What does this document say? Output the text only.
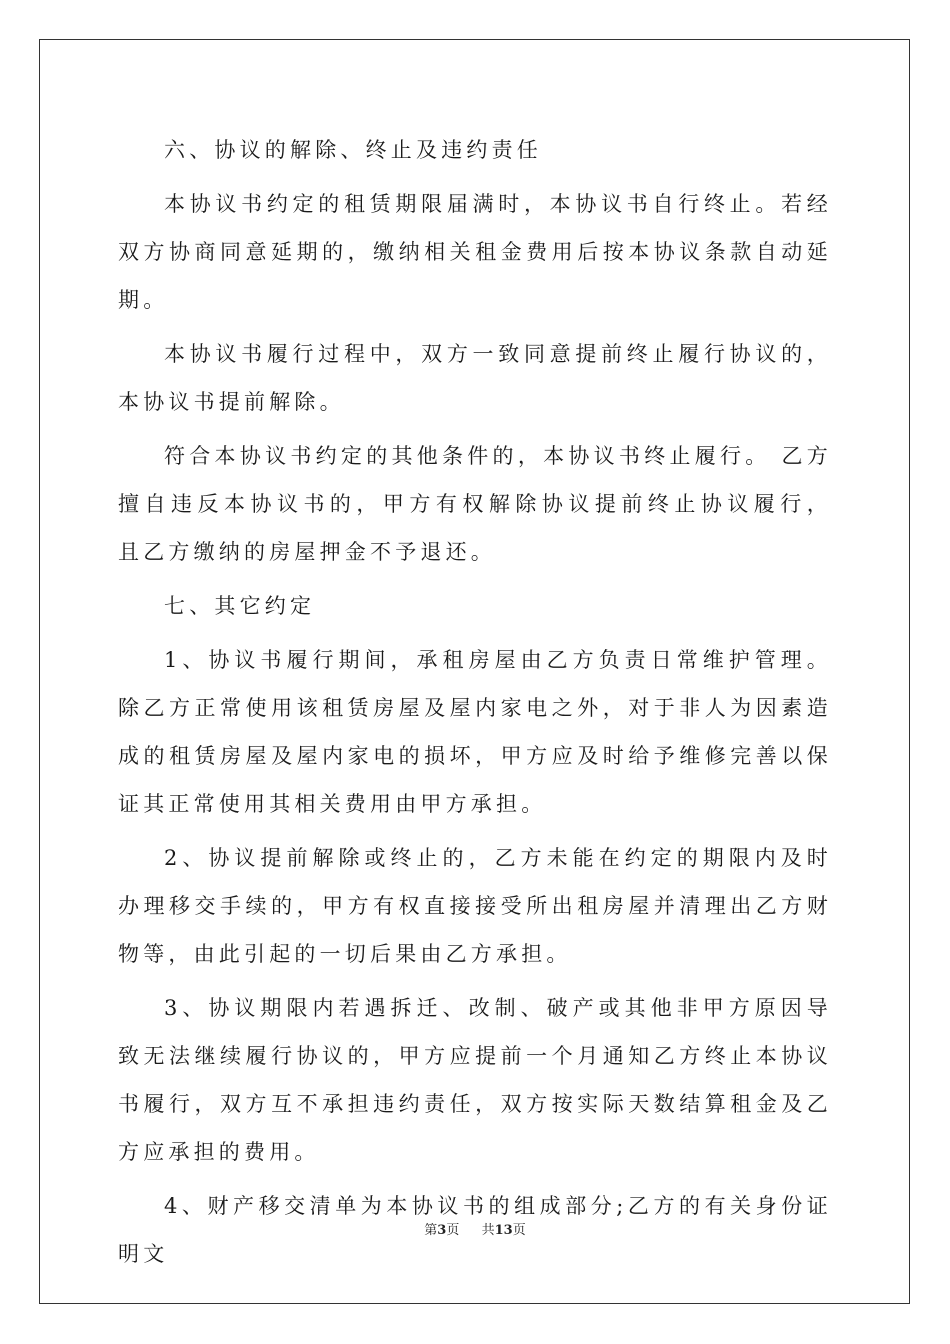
六、协议的解除、终止及违约责任

本协议书约定的租赁期限届满时，本协议书自行终止。若经双方协商同意延期的，缴纳相关租金费用后按本协议条款自动延期。

本协议书履行过程中，双方一致同意提前终止履行协议的，本协议书提前解除。

符合本协议书约定的其他条件的，本协议书终止履行。 乙方擅自违反本协议书的，甲方有权解除协议提前终止协议履行， 且乙方缴纳的房屋押金不予退还。

七、其它约定

1、协议书履行期间，承租房屋由乙方负责日常维护管理。除乙方正常使用该租赁房屋及屋内家电之外，对于非人为因素造成的租赁房屋及屋内家电的损坏，甲方应及时给予维修完善以保证其正常使用其相关费用由甲方承担。

2、协议提前解除或终止的，乙方未能在约定的期限内及时办理移交手续的，甲方有权直接接受所出租房屋并清理出乙方财物等，由此引起的一切后果由乙方承担。

3、协议期限内若遇拆迁、改制、破产或其他非甲方原因导致无法继续履行协议的，甲方应提前一个月通知乙方终止本协议书履行，双方互不承担违约责任，双方按实际天数结算租金及乙方应承担的费用。

4、财产移交清单为本协议书的组成部分;乙方的有关身份证明文

第3页 共13页
